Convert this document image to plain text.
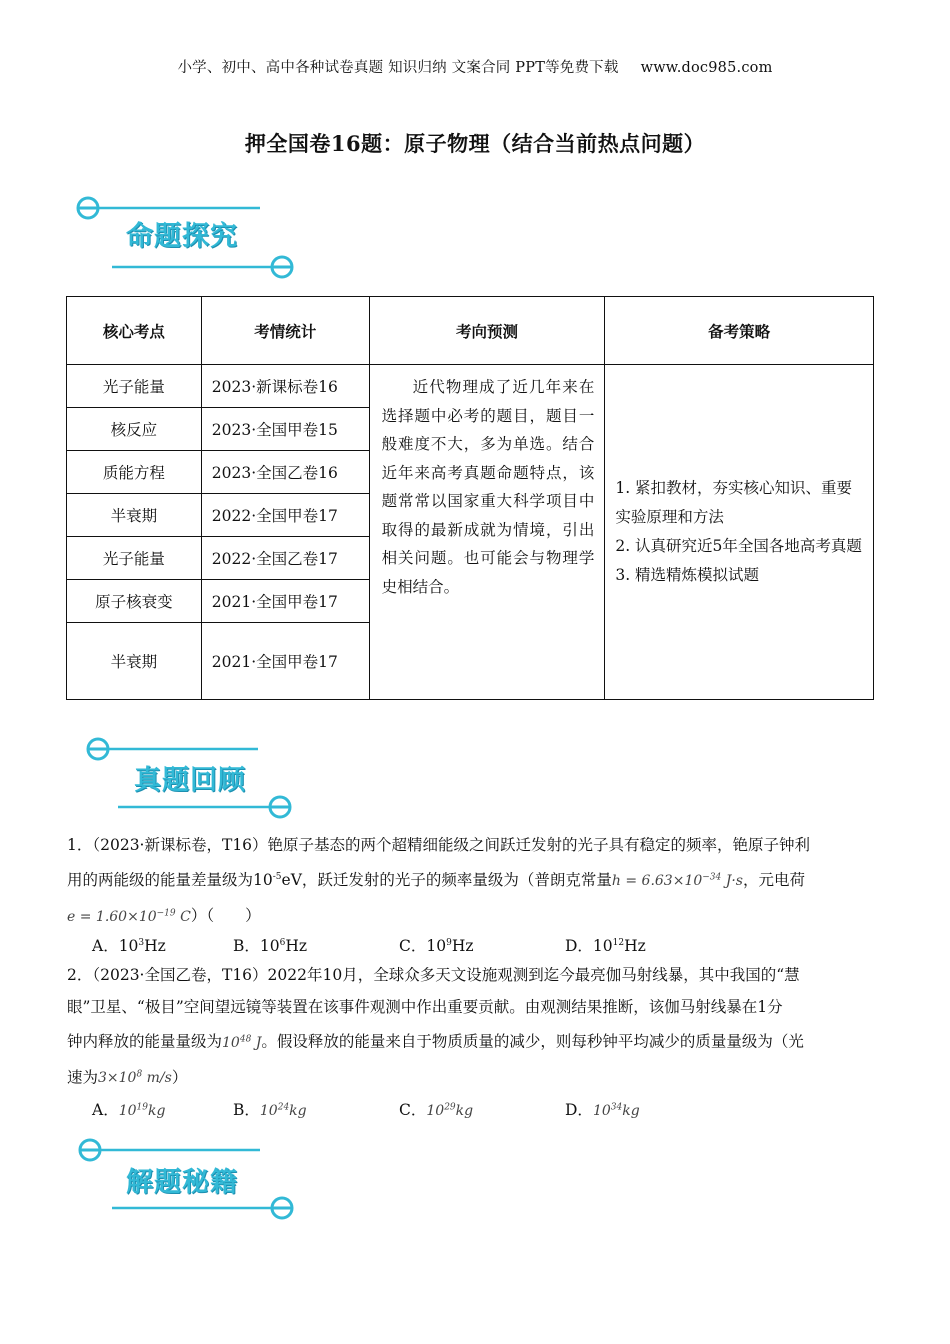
小学、初中、高中各种试卷真题 知识归纳 文案合同 PPT等免费下载 www.doc985.com
押全国卷16题：原子物理（结合当前热点问题）
命题探究
核心考点	考情统计	考向预测	备考策略
光子能量	2023·新课标卷16	近代物理成了近几年来在选择题中必考的题目，题目一般难度不大，多为单选。结合近年来高考真题命题特点，该题常常以国家重大科学项目中取得的最新成就为情境，引出相关问题。也可能会与物理学史相结合。	1. 紧扣教材，夯实核心知识、重要实验原理和方法
2. 认真研究近5年全国各地高考真题
3. 精选精炼模拟试题

核反应	2023·全国甲卷15		
质能方程	2023·全国乙卷16		
半衰期	2022·全国甲卷17		
光子能量	2022·全国乙卷17		
原子核衰变	2021·全国甲卷17		
半衰期	2021·全国甲卷17		
真题回顾
1．（2023·新课标卷，T16）铯原子基态的两个超精细能级之间跃迁发射的光子具有稳定的频率，铯原子钟利
用的两能级的能量差量级为$10^{-5}eV$，跃迁发射的光子的频率量级为（普朗克常量$h = 6.63\times 10^{-34}$ J·s，元电荷
$e = 1.60\times 10^{-19}$ C）（　　）
A．$10^3Hz$	B．$10^6Hz$	C．$10^9Hz$	D．$10^{12}Hz$
2．（2023·全国乙卷，T16）2022年10月，全球众多天文设施观测到迄今最亮伽马射线暴，其中我国的“慧
眼”卫星、“极目”空间望远镜等装置在该事件观测中作出重要贡献。由观测结果推断，该伽马射线暴在1分
钟内释放的能量量级为$10^{48}$ J。假设释放的能量来自于物质质量的减少，则每秒钟平均减少的质量量级为（光
速为$3\times 10^8$ m/s）
A．$10^{19}kg$	B．$10^{24}kg$	C．$10^{29}kg$	D．$10^{34}kg$
解题秘籍
